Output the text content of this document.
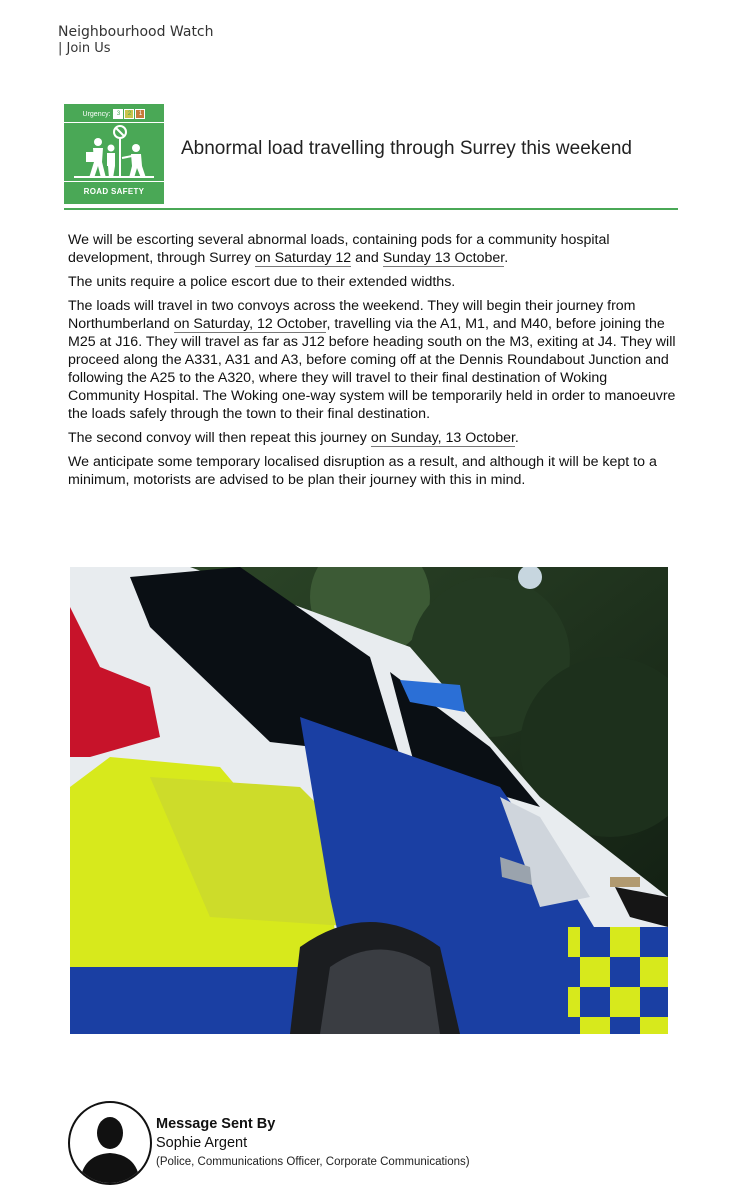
Neighbourhood Watch
| Join Us
Urgency: 3 2 1
ROAD SAFETY
Abnormal load travelling through Surrey this weekend

We will be escorting several abnormal loads, containing pods for a community hospital development, through Surrey on Saturday 12 and Sunday 13 October.

The units require a police escort due to their extended widths.

The loads will travel in two convoys across the weekend. They will begin their journey from Northumberland on Saturday, 12 October, travelling via the A1, M1, and M40, before joining the M25 at J16. They will travel as far as J12 before heading south on the M3, exiting at J4. They will proceed along the A331, A31 and A3, before coming off at the Dennis Roundabout Junction and following the A25 to the A320, where they will travel to their final destination of Woking Community Hospital. The Woking one-way system will be temporarily held in order to manoeuvre the loads safely through the town to their final destination.

The second convoy will then repeat this journey on Sunday, 13 October.

We anticipate some temporary localised disruption as a result, and although it will be kept to a minimum, motorists are advised to be plan their journey with this in mind.

Message Sent By
Sophie Argent
(Police, Communications Officer, Corporate Communications)
